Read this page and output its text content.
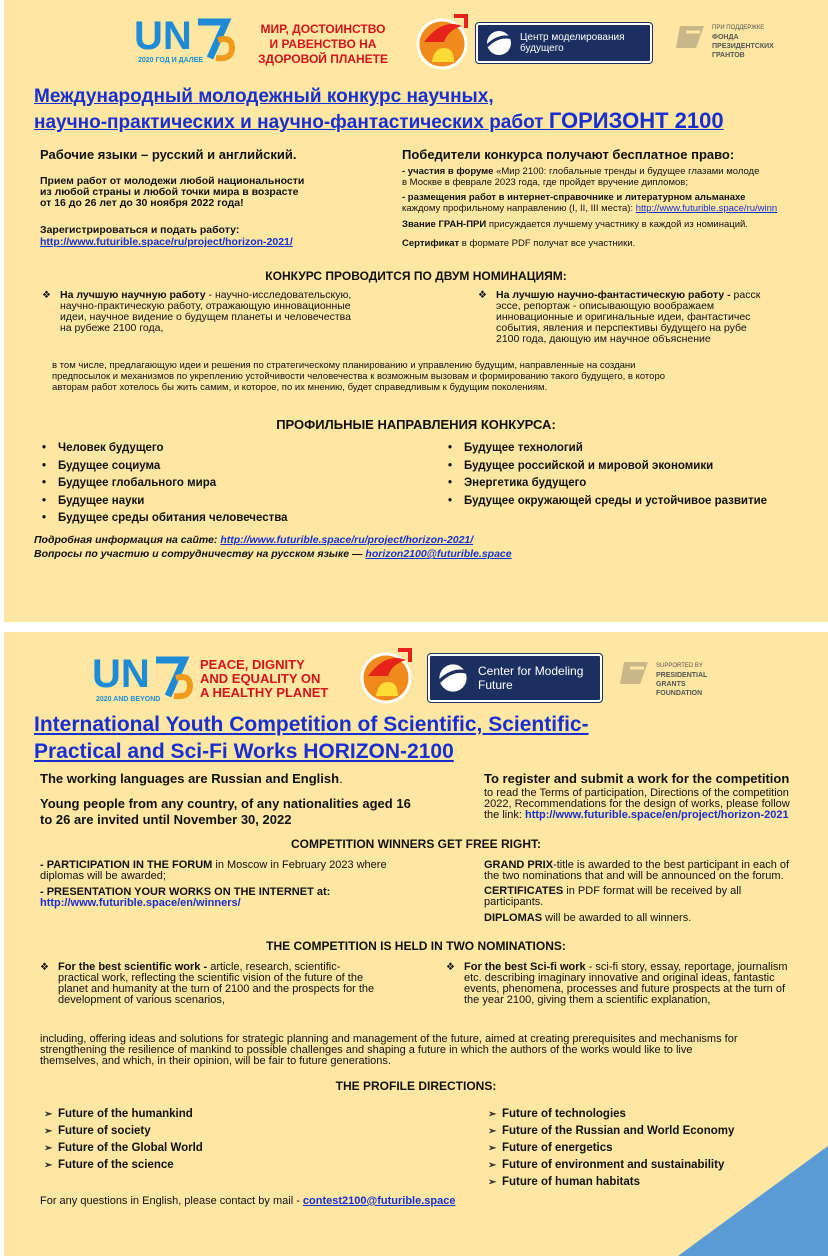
UN
2020 ГОД И ДАЛЕЕ
МИР, ДОСТОИНСТВО
И РАВЕНСТВО НА
ЗДОРОВОЙ ПЛАНЕТЕ
Центр моделирования
будущего
ПРИ ПОДДЕРЖКЕ
ФОНДА
ПРЕЗИДЕНТСКИХ
ГРАНТОВ
Международный молодежный конкурс научных,
научно-практических и научно-фантастических работ ГОРИЗОНТ 2100
Рабочие языки – русский и английский.
Прием работ от молодежи любой национальности
из любой страны и любой точки мира в возрасте
от 16 до 26 лет до 30 ноября 2022 года!
Зарегистрироваться и подать работу:
http://www.futurible.space/ru/project/horizon-2021/
Победители конкурса получают бесплатное право:
- участия в форуме «Мир 2100: глобальные тренды и будущее глазами молоде
в Москве в феврале 2023 года, где пройдет вручение дипломов;
- размещения работ в интернет-справочнике и литературном альманахе
каждому профильному направлению (I, II, III места): http://www.futurible.space/ru/winn
Звание ГРАН-ПРИ присуждается лучшему участнику в каждой из номинаций.
Сертификат в формате PDF получат все участники.
КОНКУРС ПРОВОДИТСЯ ПО ДВУМ НОМИНАЦИЯМ:
❖ На лучшую научную работу - научно-исследовательскую,
научно-практическую работу, отражающую инновационные
идеи, научное видение о будущем планеты и человечества
на рубеже 2100 года,
❖ На лучшую научно-фантастическую работу - расск
эссе, репортаж - описывающую воображаем
инновационные и оригинальные идеи, фантастичес
события, явления и перспективы будущего на рубе
2100 года, дающую им научное объяснение
в том числе, предлагающую идеи и решения по стратегическому планированию и управлению будущим, направленные на создани
предпосылок и механизмов по укреплению устойчивости человечества к возможным вызовам и формированию такого будущего, в которо
авторам работ хотелось бы жить самим, и которое, по их мнению, будет справедливым к будущим поколениям.
ПРОФИЛЬНЫЕ НАПРАВЛЕНИЯ КОНКУРСА:
• Человек будущего
• Будущее социума
• Будущее глобального мира
• Будущее науки
• Будущее среды обитания человечества
• Будущее технологий
• Будущее российской и мировой экономики
• Энергетика будущего
• Будущее окружающей среды и устойчивое развитие
Подробная информация на сайте: http://www.futurible.space/ru/project/horizon-2021/
Вопросы по участию и сотрудничеству на русском языке — horizon2100@futurible.space
UN
2020 AND BEYOND
PEACE, DIGNITY
AND EQUALITY ON
A HEALTHY PLANET
Center for Modeling
Future
SUPPORTED BY
PRESIDENTIAL
GRANTS
FOUNDATION
International Youth Competition of Scientific, Scientific-
Practical and Sci-Fi Works HORIZON-2100
The working languages are Russian and English.
Young people from any country, of any nationalities aged 16
to 26 are invited until November 30, 2022
To register and submit a work for the competition
to read the Terms of participation, Directions of the competition
2022, Recommendations for the design of works, please follow
the link: http://www.futurible.space/en/project/horizon-2021
COMPETITION WINNERS GET FREE RIGHT:
- PARTICIPATION IN THE FORUM in Moscow in February 2023 where
diplomas will be awarded;
- PRESENTATION YOUR WORKS ON THE INTERNET at:
http://www.futurible.space/en/winners/
GRAND PRIX-title is awarded to the best participant in each of
the two nominations that and will be announced on the forum.
CERTIFICATES in PDF format will be received by all
participants.
DIPLOMAS will be awarded to all winners.
THE COMPETITION IS HELD IN TWO NOMINATIONS:
❖ For the best scientific work - article, research, scientific-
practical work, reflecting the scientific vision of the future of the
planet and humanity at the turn of 2100 and the prospects for the
development of various scenarios,
❖ For the best Sci-fi work - sci-fi story, essay, reportage, journalism
etc. describing imaginary innovative and original ideas, fantastic
events, phenomena, processes and future prospects at the turn of
the year 2100, giving them a scientific explanation,
including, offering ideas and solutions for strategic planning and management of the future, aimed at creating prerequisites and mechanisms for
strengthening the resilience of mankind to possible challenges and shaping a future in which the authors of the works would like to live
themselves, and which, in their opinion, will be fair to future generations.
THE PROFILE DIRECTIONS:
➢ Future of the humankind
➢ Future of society
➢ Future of the Global World
➢ Future of the science
➢ Future of technologies
➢ Future of the Russian and World Economy
➢ Future of energetics
➢ Future of environment and sustainability
➢ Future of human habitats
For any questions in English, please contact by mail - contest2100@futurible.space
